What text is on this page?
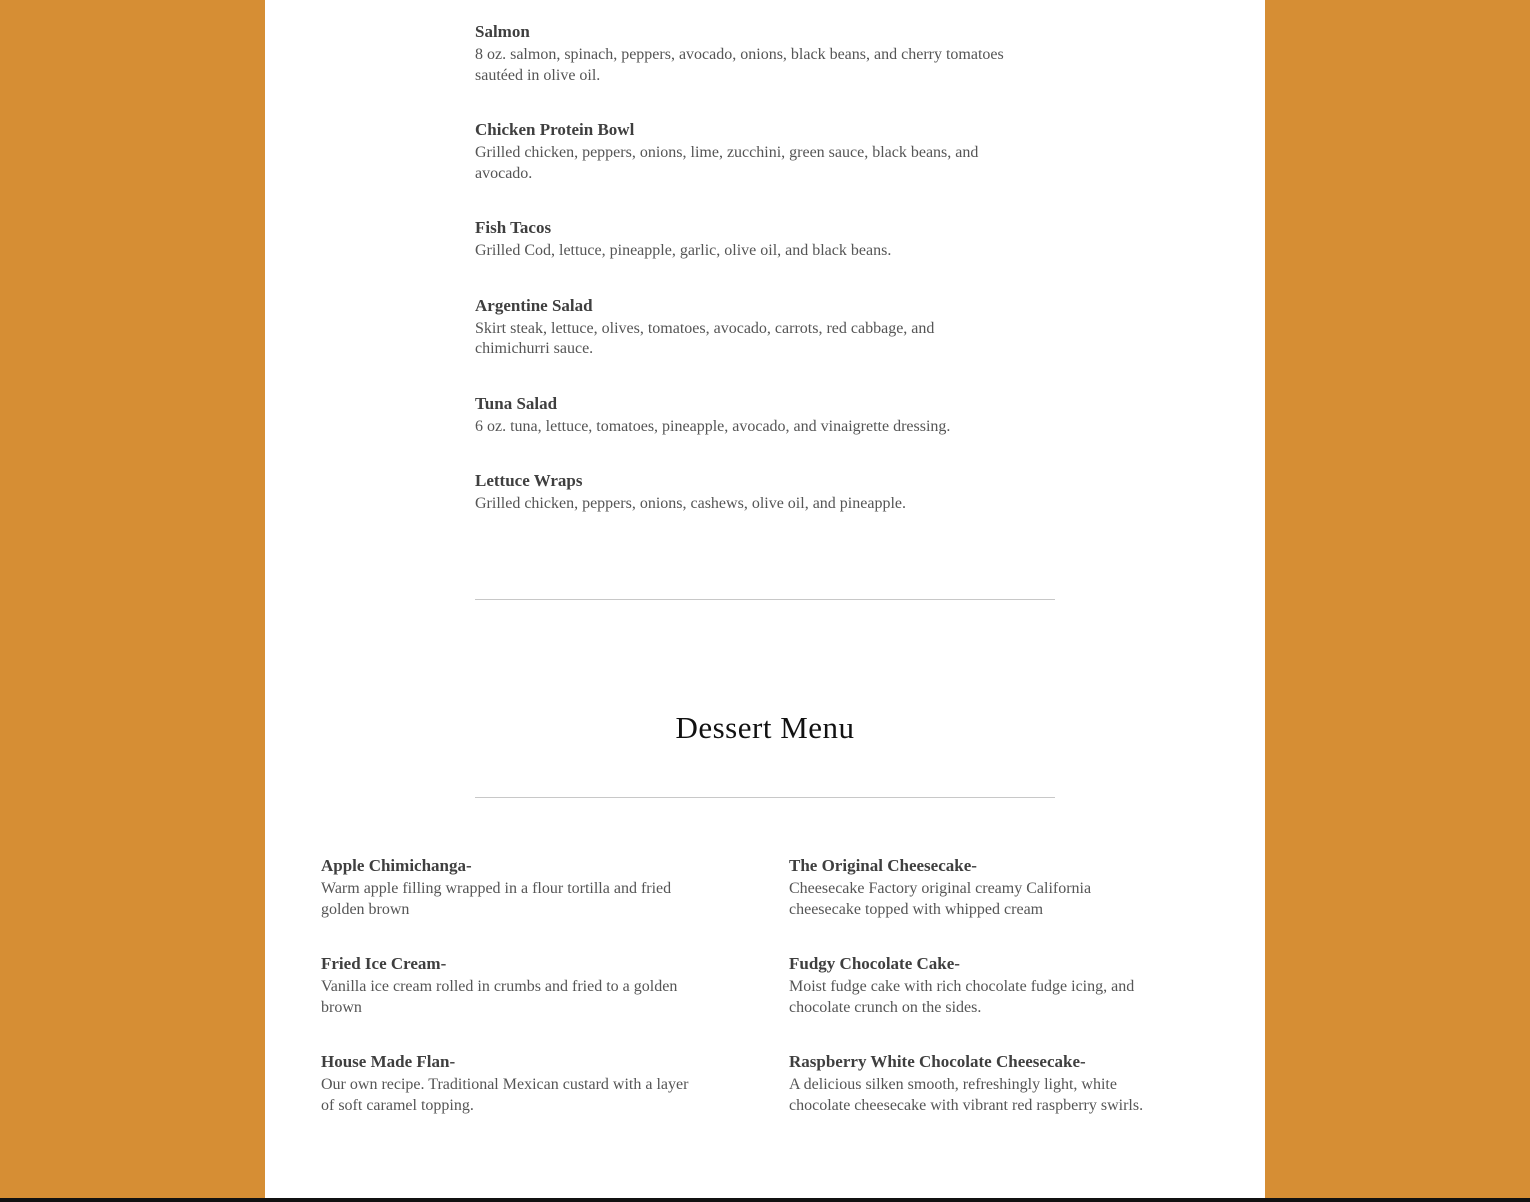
Salmon
8 oz. salmon, spinach, peppers, avocado, onions, black beans, and cherry tomatoes sautéed in olive oil.
Chicken Protein Bowl
Grilled chicken, peppers, onions, lime, zucchini, green sauce, black beans, and avocado.
Fish Tacos
Grilled Cod, lettuce, pineapple, garlic, olive oil, and black beans.
Argentine Salad
Skirt steak, lettuce, olives, tomatoes, avocado, carrots, red cabbage, and chimichurri sauce.
Tuna Salad
6 oz. tuna, lettuce, tomatoes, pineapple, avocado, and vinaigrette dressing.
Lettuce Wraps
Grilled chicken, peppers, onions, cashews, olive oil, and pineapple.
Dessert Menu
Apple Chimichanga-
Warm apple filling wrapped in a flour tortilla and fried golden brown
Fried Ice Cream-
Vanilla ice cream rolled in crumbs and fried to a golden brown
House Made Flan-
Our own recipe. Traditional Mexican custard with a layer of soft caramel topping.
The Original Cheesecake-
Cheesecake Factory original creamy California cheesecake topped with whipped cream
Fudgy Chocolate Cake-
Moist fudge cake with rich chocolate fudge icing, and chocolate crunch on the sides.
Raspberry White Chocolate Cheesecake-
A delicious silken smooth, refreshingly light, white chocolate cheesecake with vibrant red raspberry swirls.
